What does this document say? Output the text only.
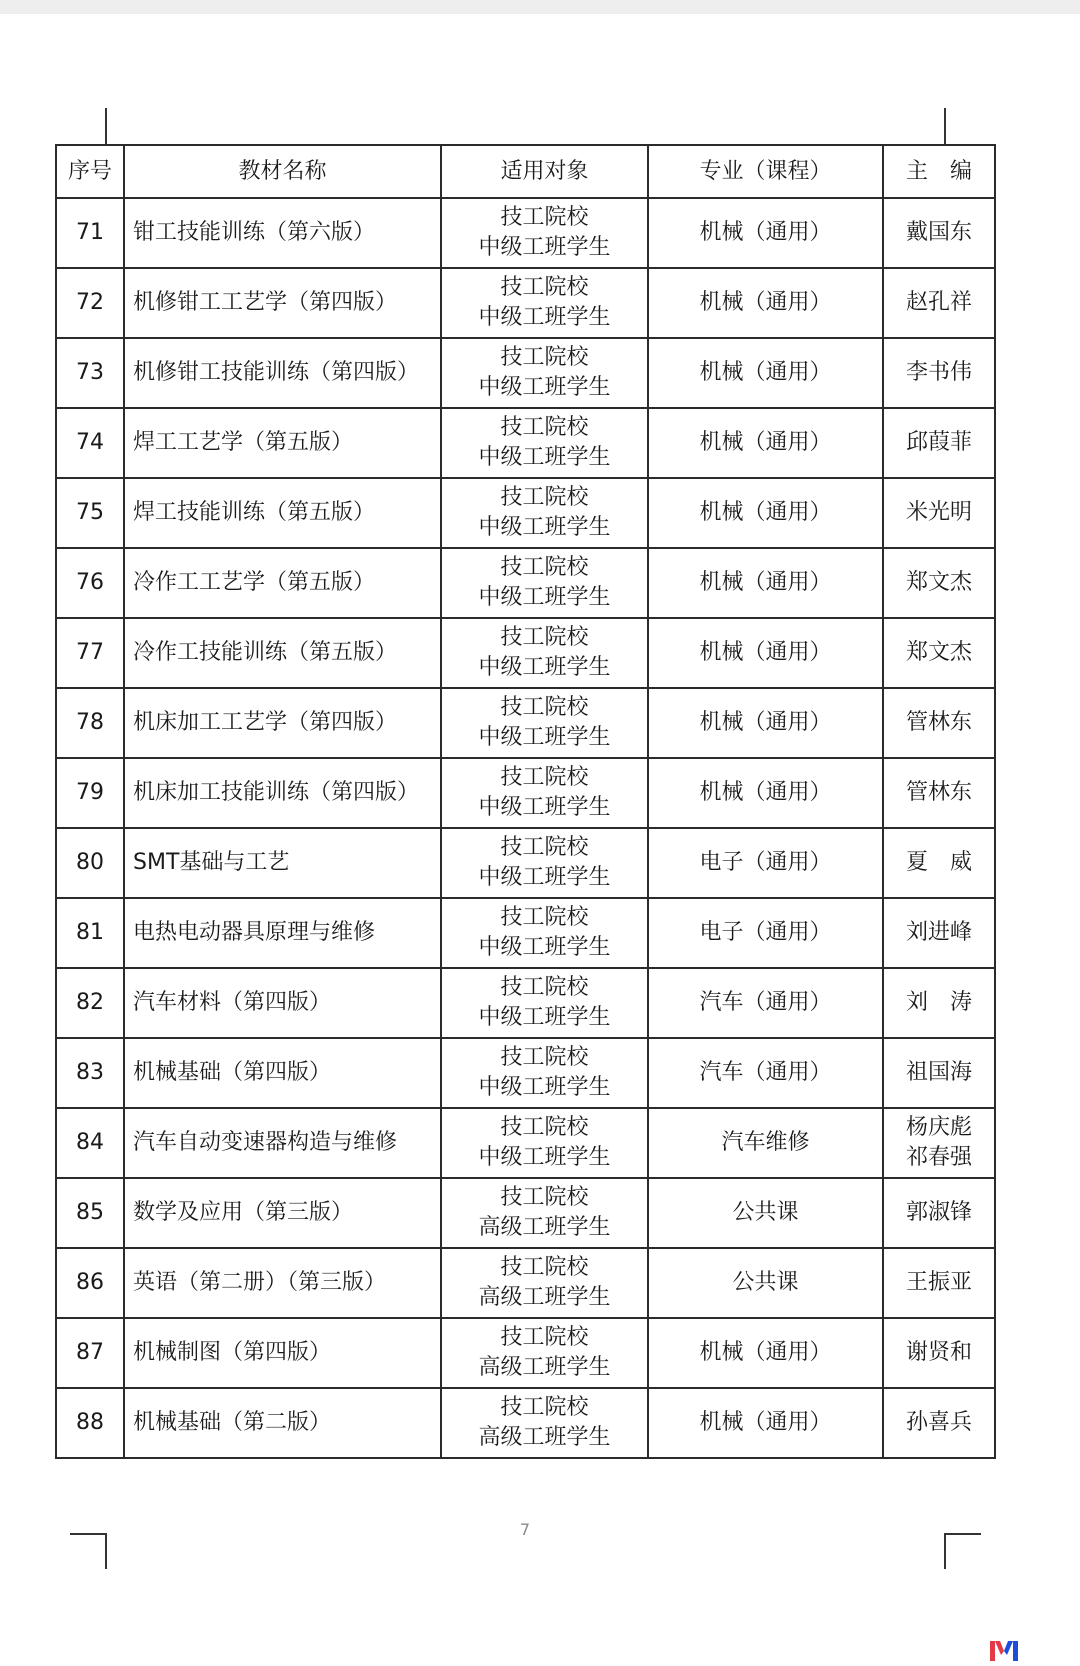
序号	教材名称	适用对象	专业（课程）	主　编
71	钳工技能训练（第六版）	技工院校
中级工班学生	机械（通用）	戴国东

72	机修钳工工艺学（第四版）	技工院校
中级工班学生	机械（通用）	赵孔祥

73	机修钳工技能训练（第四版）	技工院校
中级工班学生	机械（通用）	李书伟

74	焊工工艺学（第五版）	技工院校
中级工班学生	机械（通用）	邱葭菲

75	焊工技能训练（第五版）	技工院校
中级工班学生	机械（通用）	米光明

76	冷作工工艺学（第五版）	技工院校
中级工班学生	机械（通用）	郑文杰

77	冷作工技能训练（第五版）	技工院校
中级工班学生	机械（通用）	郑文杰

78	机床加工工艺学（第四版）	技工院校
中级工班学生	机械（通用）	管林东

79	机床加工技能训练（第四版）	技工院校
中级工班学生	机械（通用）	管林东

80	SMT基础与工艺	技工院校
中级工班学生	电子（通用）	夏　威

81	电热电动器具原理与维修	技工院校
中级工班学生	电子（通用）	刘进峰

82	汽车材料（第四版）	技工院校
中级工班学生	汽车（通用）	刘　涛

83	机械基础（第四版）	技工院校
中级工班学生	汽车（通用）	祖国海

84	汽车自动变速器构造与维修	技工院校
中级工班学生	汽车维修	杨庆彪
祁春强

85	数学及应用（第三版）	技工院校
高级工班学生	公共课	郭淑锋

86	英语（第二册）（第三版）	技工院校
高级工班学生	公共课	王振亚

87	机械制图（第四版）	技工院校
高级工班学生	机械（通用）	谢贤和

88	机械基础（第二版）	技工院校
高级工班学生	机械（通用）	孙喜兵
7
